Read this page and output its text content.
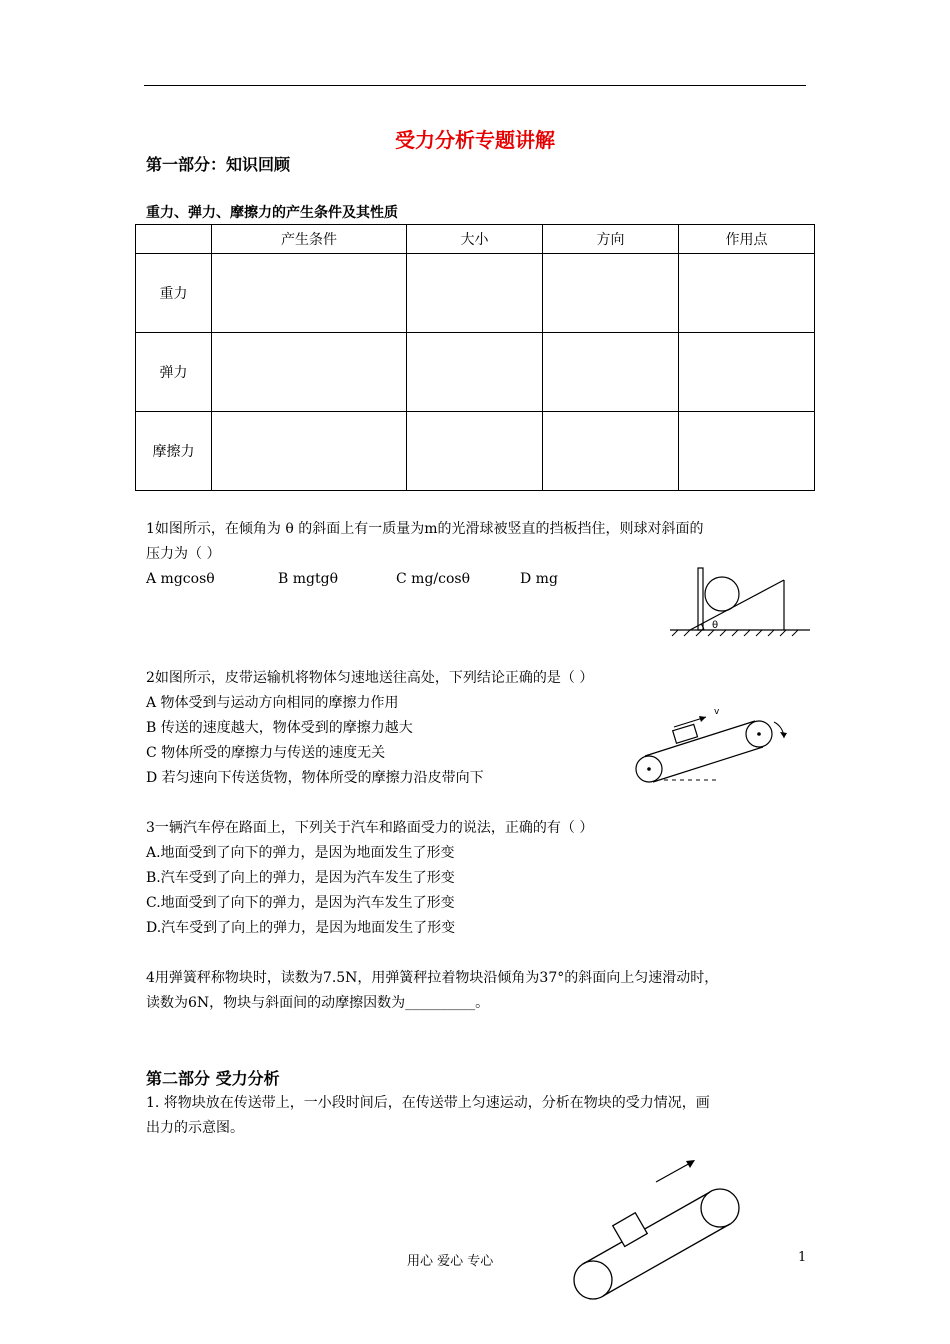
受力分析专题讲解
第一部分：知识回顾
重力、弹力、摩擦力的产生条件及其性质
	产生条件	大小	方向	作用点
重力				
弹力				
摩擦力				
1如图所示，在倾角为 θ 的斜面上有一质量为m的光滑球被竖直的挡板挡住，则球对斜面的
压力为（ ）
A mgcosθ	B mgtgθ	C mg/cosθ	D mg
θ
2如图所示，皮带运输机将物体匀速地送往高处，下列结论正确的是（ ）
A 物体受到与运动方向相同的摩擦力作用
B 传送的速度越大，物体受到的摩擦力越大
C 物体所受的摩擦力与传送的速度无关
D 若匀速向下传送货物，物体所受的摩擦力沿皮带向下
v
3一辆汽车停在路面上，下列关于汽车和路面受力的说法，正确的有（ ）
A.地面受到了向下的弹力，是因为地面发生了形变
B.汽车受到了向上的弹力，是因为汽车发生了形变
C.地面受到了向下的弹力，是因为汽车发生了形变
D.汽车受到了向上的弹力，是因为地面发生了形变
4用弹簧秤称物块时，读数为7.5N，用弹簧秤拉着物块沿倾角为37°的斜面向上匀速滑动时，
读数为6N，物块与斜面间的动摩擦因数为__________。
第二部分 受力分析
1. 将物块放在传送带上，一小段时间后，在传送带上匀速运动，分析在物块的受力情况，画
出力的示意图。
用心 爱心 专心	1
